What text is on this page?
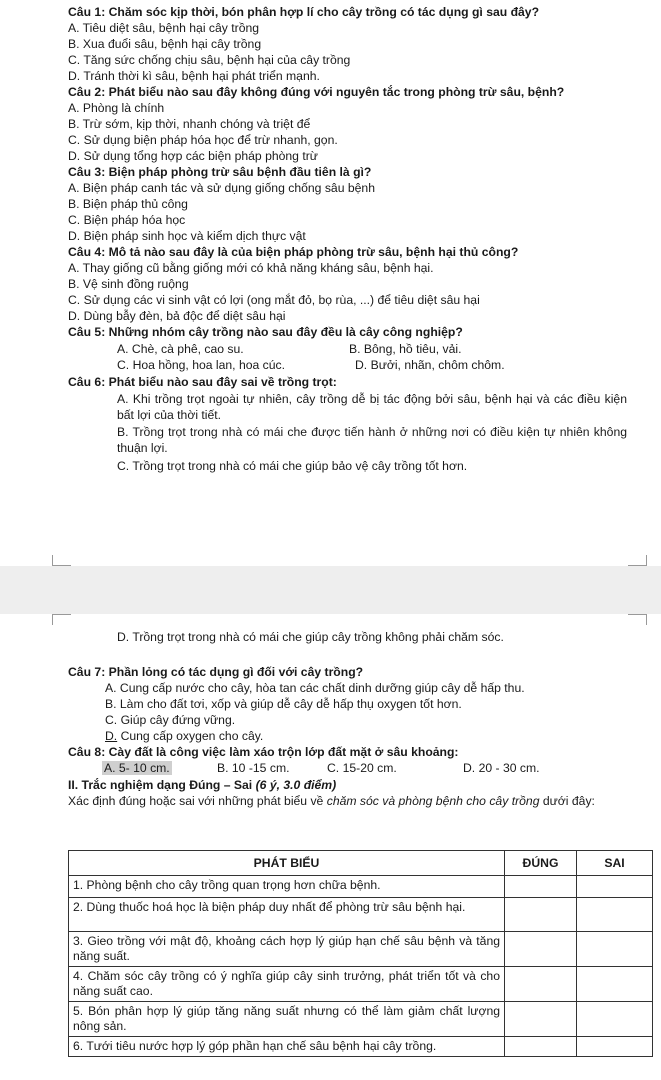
Câu 1: Chăm sóc kịp thời, bón phân hợp lí cho cây trồng có tác dụng gì sau đây?
A. Tiêu diệt sâu, bệnh hại cây trồng
B. Xua đuổi sâu, bệnh hại cây trồng
C. Tăng sức chống chịu sâu, bệnh hại của cây trồng
D. Tránh thời kì sâu, bệnh hại phát triển mạnh.
Câu 2: Phát biểu nào sau đây không đúng với nguyên tắc trong phòng trừ sâu, bệnh?
A. Phòng là chính
B. Trừ sớm, kịp thời, nhanh chóng và triệt để
C. Sử dụng biện pháp hóa học để trừ nhanh, gọn.
D. Sử dụng tổng hợp các biện pháp phòng trừ
Câu 3: Biện pháp phòng trừ sâu bệnh đầu tiên là gì?
A. Biện pháp canh tác và sử dụng giống chống sâu bệnh
B. Biện pháp thủ công
C. Biện pháp hóa học
D. Biện pháp sinh học và kiểm dịch thực vật
Câu 4: Mô tả nào sau đây là của biện pháp phòng trừ sâu, bệnh hại thủ công?
A. Thay giống cũ bằng giống mới có khả năng kháng sâu, bệnh hại.
B. Vệ sinh đồng ruộng
C. Sử dụng các vi sinh vật có lợi (ong mắt đỏ, bọ rùa, ...) để tiêu diệt sâu hại
D. Dùng bẫy đèn, bả độc để diệt sâu hại
Câu 5: Những nhóm cây trồng nào sau đây đều là cây công nghiệp?
A. Chè, cà phê, cao su.	B. Bông, hồ tiêu, vải.
C. Hoa hồng, hoa lan, hoa cúc.	D. Bưởi, nhãn, chôm chôm.
Câu 6: Phát biểu nào sau đây sai về trồng trọt:
A. Khi trồng trọt ngoài tự nhiên, cây trồng dễ bị tác động bởi sâu, bệnh hại và các điều kiện bất lợi của thời tiết.
B. Trồng trọt trong nhà có mái che được tiến hành ở những nơi có điều kiện tự nhiên không thuận lợi.
C. Trồng trọt trong nhà có mái che giúp bảo vệ cây trồng tốt hơn.
D. Trồng trọt trong nhà có mái che giúp cây trồng không phải chăm sóc.
Câu 7: Phần lỏng có tác dụng gì đối với cây trồng?
A. Cung cấp nước cho cây, hòa tan các chất dinh dưỡng giúp cây dễ hấp thu.
B. Làm cho đất tơi, xốp và giúp dễ cây dễ hấp thụ oxygen tốt hơn.
C. Giúp cây đứng vững.
D. Cung cấp oxygen cho cây.
Câu 8: Cày đất là công việc làm xáo trộn lớp đất mặt ở sâu khoảng:
A. 5- 10 cm.	B. 10 -15 cm.	C. 15-20 cm.	D. 20 - 30 cm.
II. Trắc nghiệm dạng Đúng – Sai (6 ý, 3.0 điểm)
Xác định đúng hoặc sai với những phát biểu về chăm sóc và phòng bệnh cho cây trồng dưới đây:
PHÁT BIỂU	ĐÚNG	SAI
1. Phòng bệnh cho cây trồng quan trọng hơn chữa bệnh.		
2. Dùng thuốc hoá học là biện pháp duy nhất để phòng trừ sâu bệnh hại.		
3. Gieo trồng với mật độ, khoảng cách hợp lý giúp hạn chế sâu bệnh và tăng năng suất.		
4. Chăm sóc cây trồng có ý nghĩa giúp cây sinh trưởng, phát triển tốt và cho năng suất cao.		
5. Bón phân hợp lý giúp tăng năng suất nhưng có thể làm giảm chất lượng nông sản.		
6. Tưới tiêu nước hợp lý góp phần hạn chế sâu bệnh hại cây trồng.		
